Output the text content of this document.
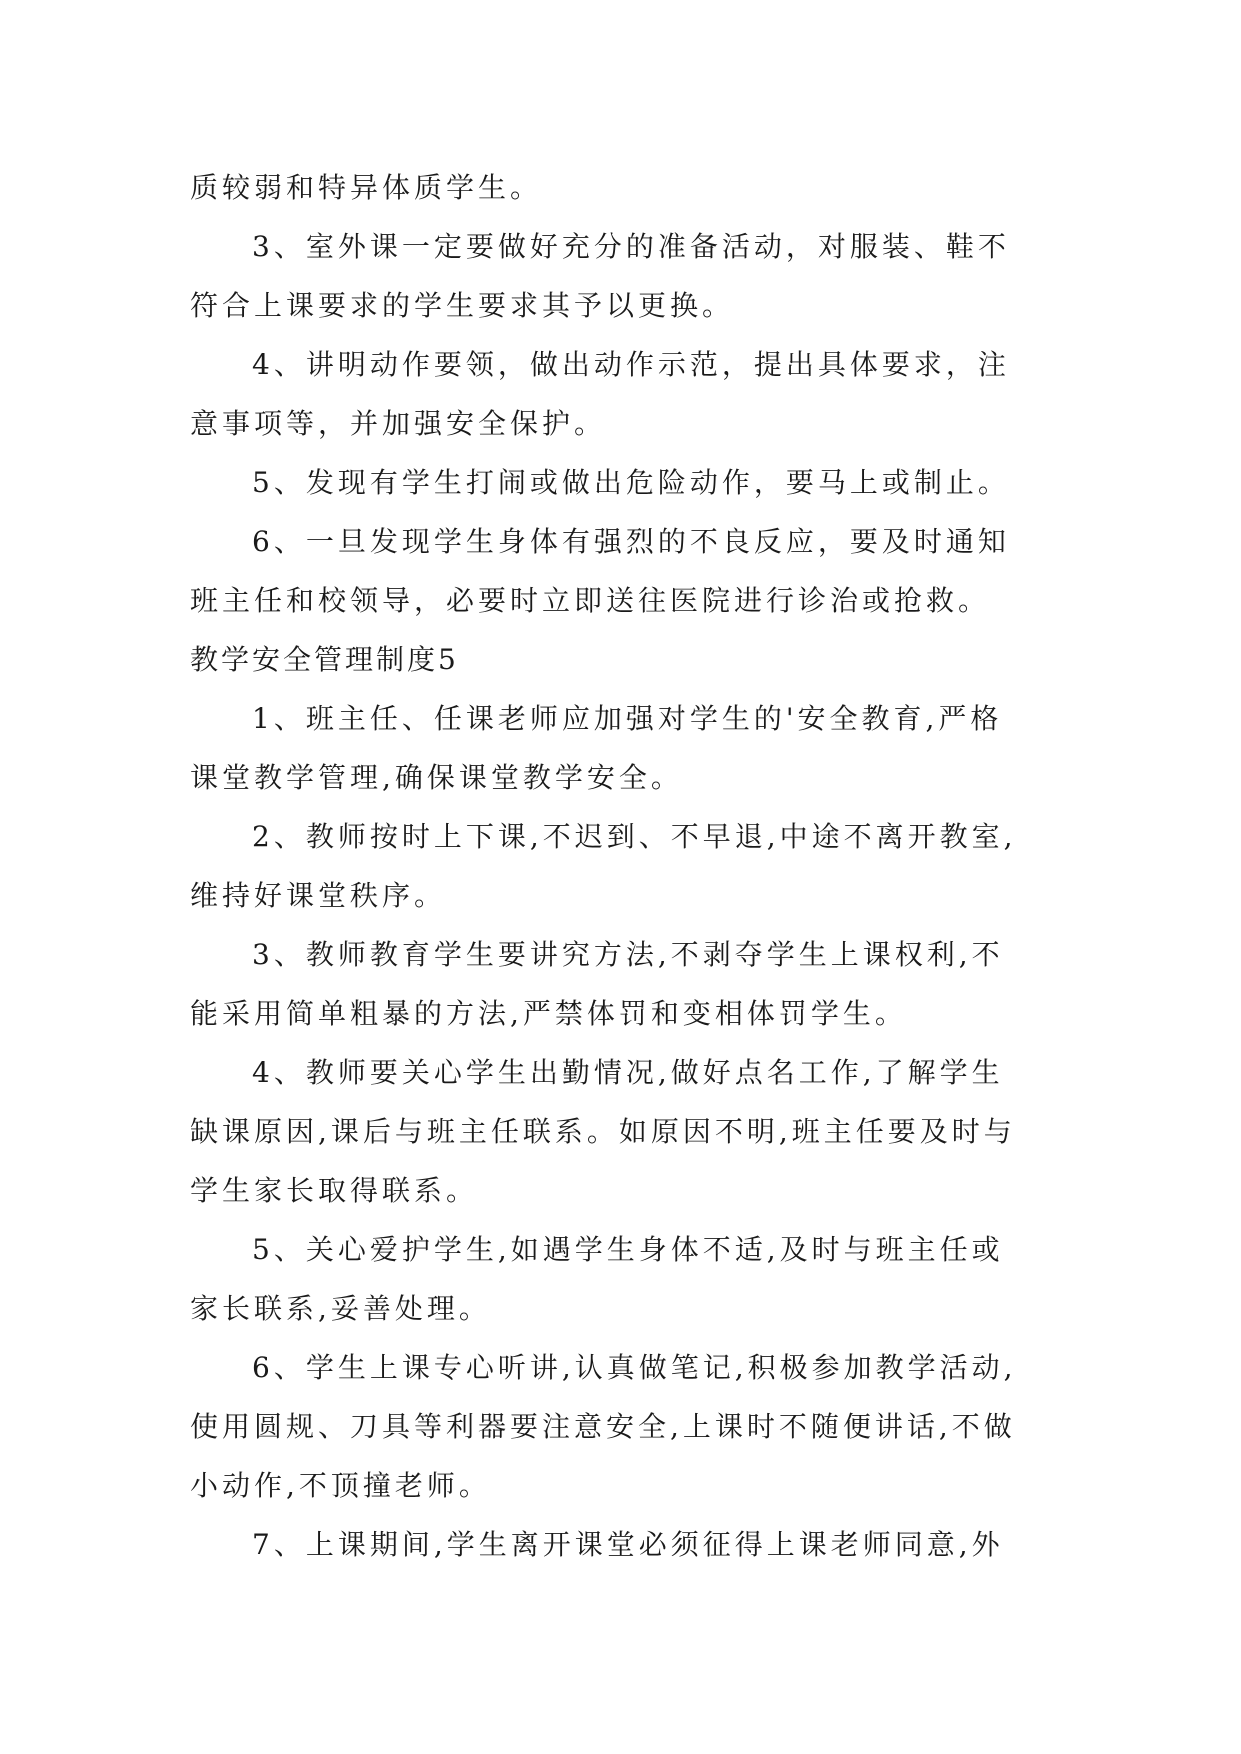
质较弱和特异体质学生。
3、室外课一定要做好充分的准备活动，对服装、鞋不
符合上课要求的学生要求其予以更换。
4、讲明动作要领，做出动作示范，提出具体要求，注
意事项等，并加强安全保护。
5、发现有学生打闹或做出危险动作，要马上或制止。
6、一旦发现学生身体有强烈的不良反应，要及时通知
班主任和校领导，必要时立即送往医院进行诊治或抢救。
教学安全管理制度5
1、班主任、任课老师应加强对学生的'安全教育,严格
课堂教学管理,确保课堂教学安全。
2、教师按时上下课,不迟到、不早退,中途不离开教室,
维持好课堂秩序。
3、教师教育学生要讲究方法,不剥夺学生上课权利,不
能采用简单粗暴的方法,严禁体罚和变相体罚学生。
4、教师要关心学生出勤情况,做好点名工作,了解学生
缺课原因,课后与班主任联系。如原因不明,班主任要及时与
学生家长取得联系。
5、关心爱护学生,如遇学生身体不适,及时与班主任或
家长联系,妥善处理。
6、学生上课专心听讲,认真做笔记,积极参加教学活动,
使用圆规、刀具等利器要注意安全,上课时不随便讲话,不做
小动作,不顶撞老师。
7、上课期间,学生离开课堂必须征得上课老师同意,外
